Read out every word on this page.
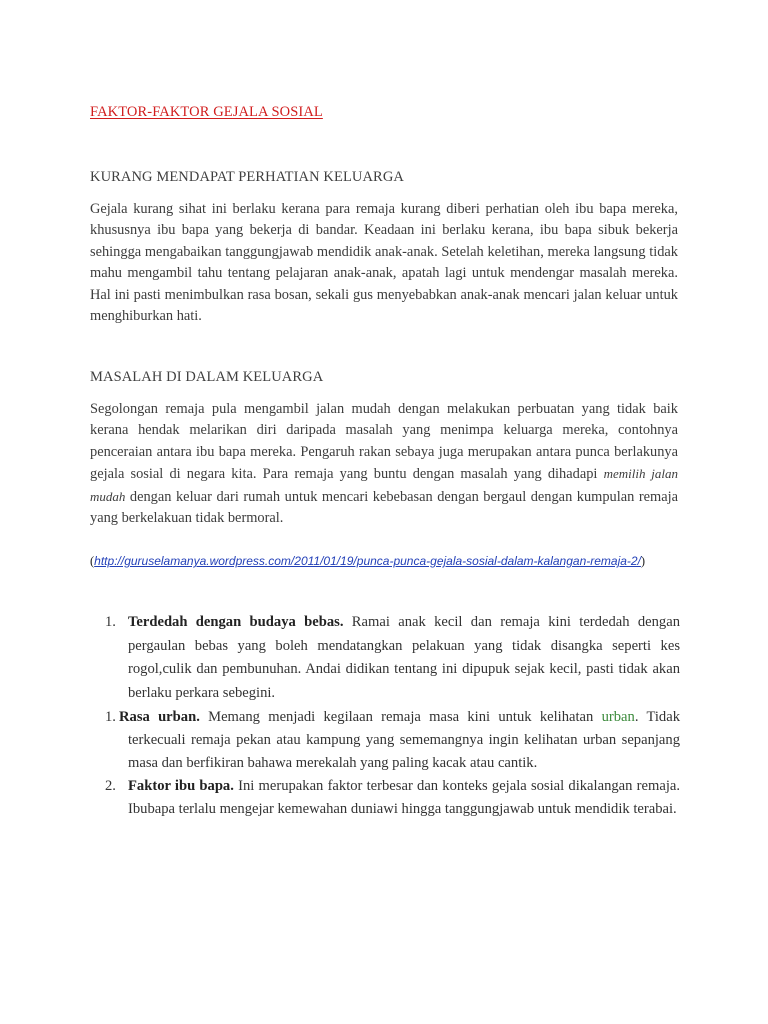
FAKTOR-FAKTOR GEJALA SOSIAL
KURANG MENDAPAT PERHATIAN KELUARGA
Gejala kurang sihat ini berlaku kerana para remaja kurang diberi perhatian oleh ibu bapa mereka, khususnya ibu bapa yang bekerja di bandar. Keadaan ini berlaku kerana, ibu bapa sibuk bekerja sehingga mengabaikan tanggungjawab mendidik anak-anak. Setelah keletihan, mereka langsung tidak mahu mengambil tahu tentang pelajaran anak-anak, apatah lagi untuk mendengar masalah mereka. Hal ini pasti menimbulkan rasa bosan, sekali gus menyebabkan anak-anak mencari jalan keluar untuk menghiburkan hati.
MASALAH DI DALAM KELUARGA
Segolongan remaja pula mengambil jalan mudah dengan melakukan perbuatan yang tidak baik kerana hendak melarikan diri daripada masalah yang menimpa keluarga mereka, contohnya penceraian antara ibu bapa mereka. Pengaruh rakan sebaya juga merupakan antara punca berlakunya gejala sosial di negara kita. Para remaja yang buntu dengan masalah yang dihadapi memilih jalan mudah dengan keluar dari rumah untuk mencari kebebasan dengan bergaul dengan kumpulan remaja yang berkelakuan tidak bermoral.
(http://guruselamanya.wordpress.com/2011/01/19/punca-punca-gejala-sosial-dalam-kalangan-remaja-2/)
1. Terdedah dengan budaya bebas. Ramai anak kecil dan remaja kini terdedah dengan pergaulan bebas yang boleh mendatangkan pelakuan yang tidak disangka seperti kes rogol,culik dan pembunuhan. Andai didikan tentang ini dipupuk sejak kecil, pasti tidak akan berlaku perkara sebegini.
1. Rasa urban. Memang menjadi kegilaan remaja masa kini untuk kelihatan urban. Tidak terkecuali remaja pekan atau kampung yang sememangnya ingin kelihatan urban sepanjang masa dan berfikiran bahawa merekalah yang paling kacak atau cantik.
2. Faktor ibu bapa. Ini merupakan faktor terbesar dan konteks gejala sosial dikalangan remaja. Ibubapa terlalu mengejar kemewahan duniawi hingga tanggungjawab untuk mendidik terabai.
